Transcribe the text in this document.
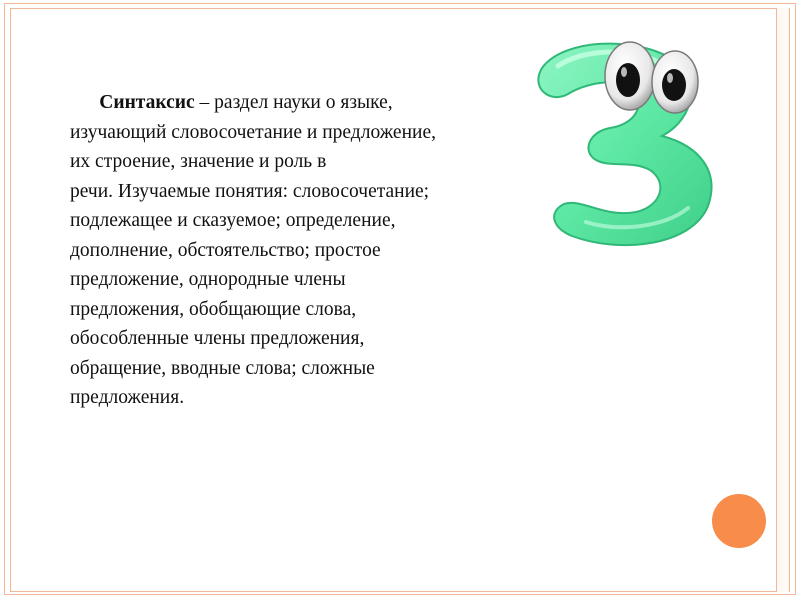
Синтаксис – раздел науки о языке,
изучающий словосочетание и предложение,
их строение, значение и роль в
речи. Изучаемые понятия: словосочетание;
подлежащее и сказуемое; определение,
дополнение, обстоятельство; простое
предложение, однородные члены
предложения, обобщающие слова,
обособленные члены предложения,
обращение, вводные слова; сложные
предложения.
